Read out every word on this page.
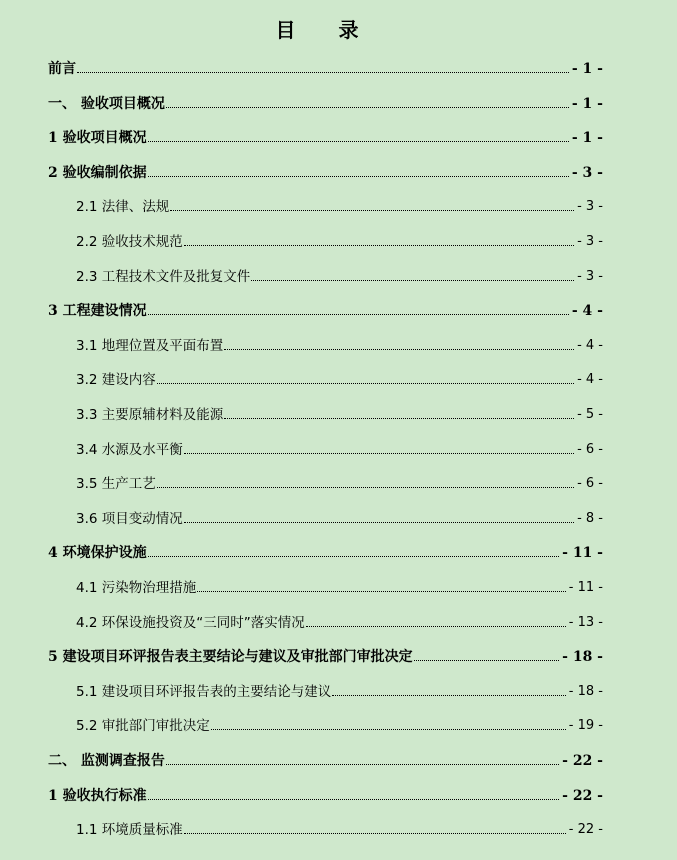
目 录
前言	- 1 -
一、 验收项目概况	- 1 -
1 验收项目概况	- 1 -
2 验收编制依据	- 3 -
2.1 法律、法规	- 3 -
2.2 验收技术规范	- 3 -
2.3 工程技术文件及批复文件	- 3 -
3 工程建设情况	- 4 -
3.1 地理位置及平面布置	- 4 -
3.2 建设内容	- 4 -
3.3 主要原辅材料及能源	- 5 -
3.4 水源及水平衡	- 6 -
3.5 生产工艺	- 6 -
3.6 项目变动情况	- 8 -
4 环境保护设施	- 11 -
4.1 污染物治理措施	- 11 -
4.2 环保设施投资及“三同时”落实情况	- 13 -
5 建设项目环评报告表主要结论与建议及审批部门审批决定	- 18 -
5.1 建设项目环评报告表的主要结论与建议	- 18 -
5.2 审批部门审批决定	- 19 -
二、 监测调查报告	- 22 -
1 验收执行标准	- 22 -
1.1 环境质量标准	- 22 -
